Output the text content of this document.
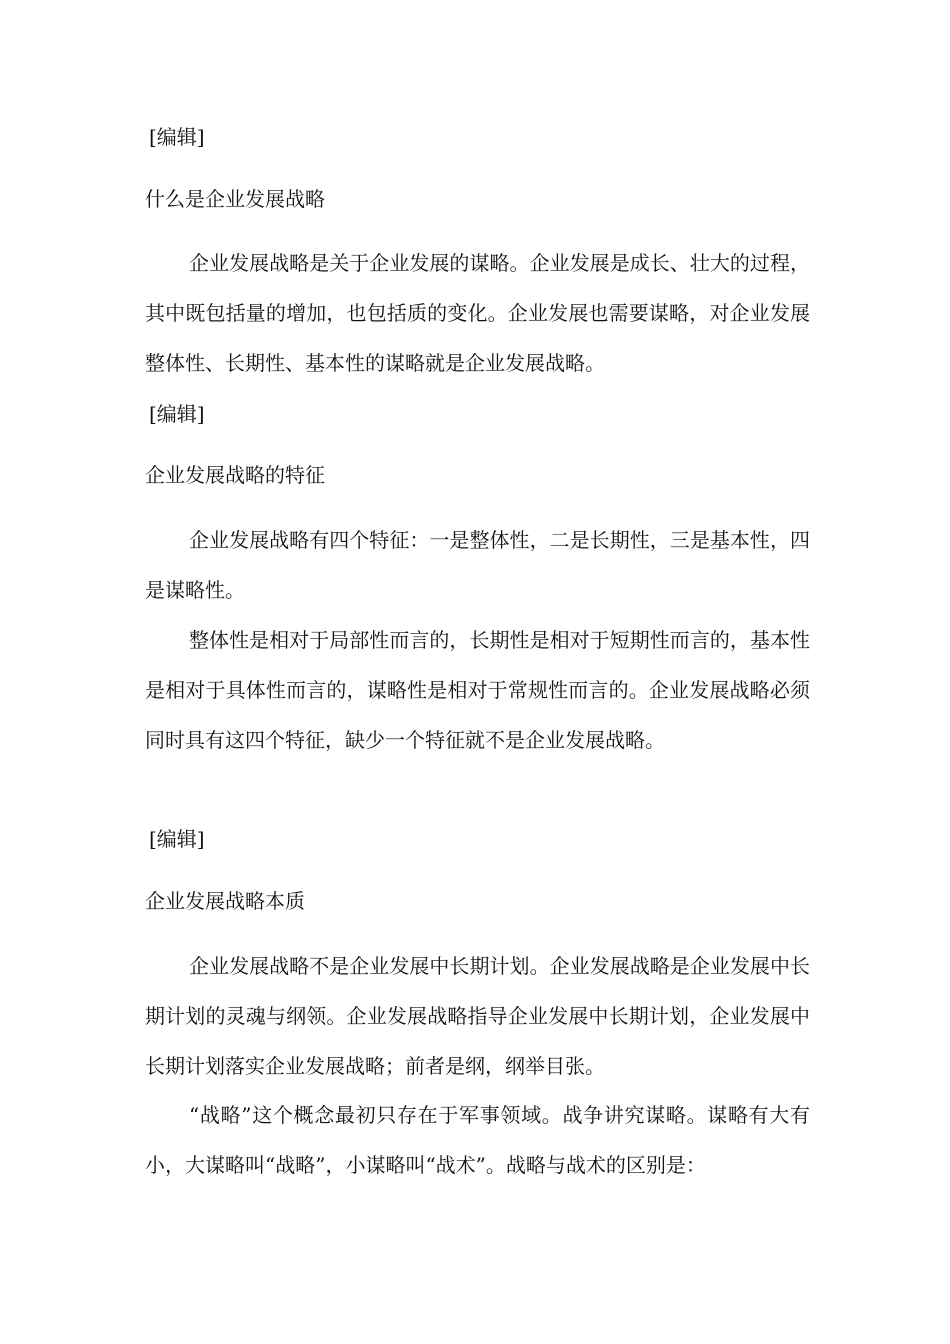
[编辑]
什么是企业发展战略

企业发展战略是关于企业发展的谋略。企业发展是成长、壮大的过程，其中既包括量的增加，也包括质的变化。企业发展也需要谋略，对企业发展整体性、长期性、基本性的谋略就是企业发展战略。

[编辑]
企业发展战略的特征

企业发展战略有四个特征：一是整体性，二是长期性，三是基本性，四是谋略性。

整体性是相对于局部性而言的，长期性是相对于短期性而言的，基本性是相对于具体性而言的，谋略性是相对于常规性而言的。企业发展战略必须同时具有这四个特征，缺少一个特征就不是企业发展战略。

[编辑]
企业发展战略本质

企业发展战略不是企业发展中长期计划。企业发展战略是企业发展中长期计划的灵魂与纲领。企业发展战略指导企业发展中长期计划，企业发展中长期计划落实企业发展战略；前者是纲，纲举目张。

“战略”这个概念最初只存在于军事领域。战争讲究谋略。谋略有大有小，大谋略叫“战略”，小谋略叫“战术”。战略与战术的区别是：
